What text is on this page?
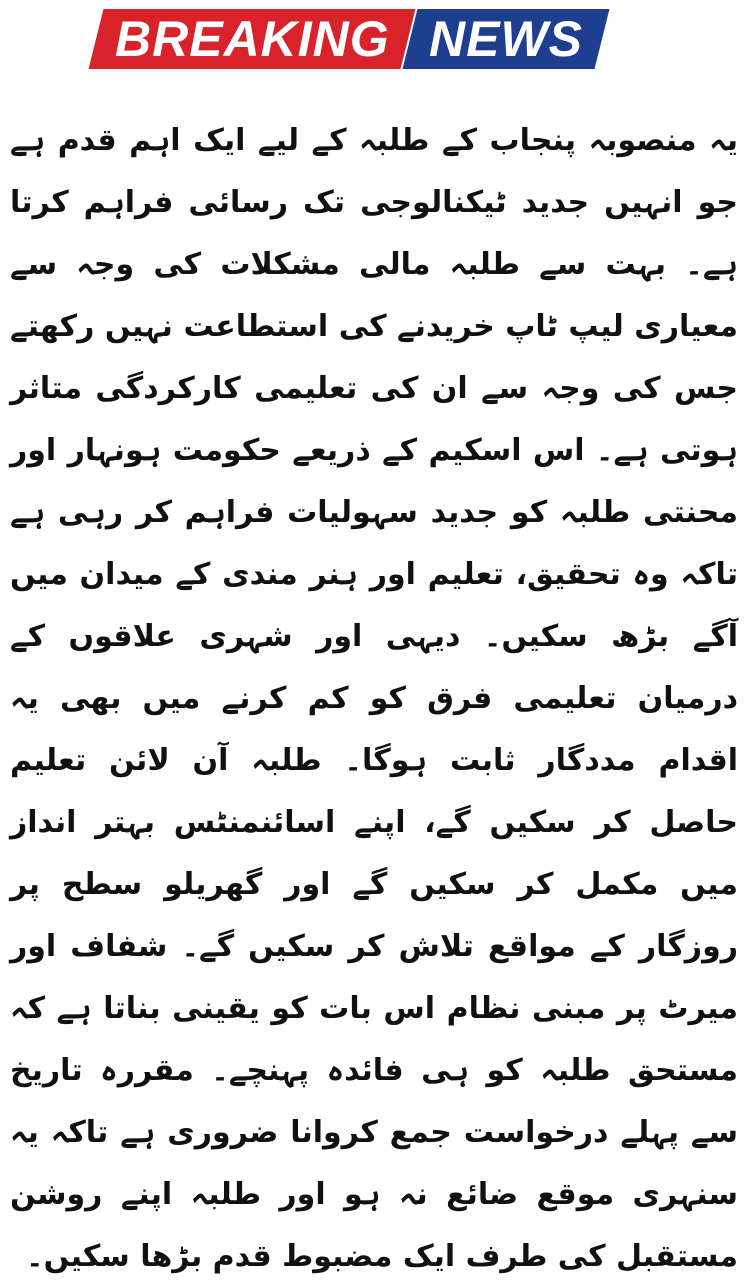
BREAKING NEWS

یہ منصوبہ پنجاب کے طلبہ کے لیے ایک اہم قدم ہے جو انہیں جدید ٹیکنالوجی تک رسائی فراہم کرتا ہے۔ بہت سے طلبہ مالی مشکلات کی وجہ سے معیاری لیپ ٹاپ خریدنے کی استطاعت نہیں رکھتے جس کی وجہ سے ان کی تعلیمی کارکردگی متاثر ہوتی ہے۔ اس اسکیم کے ذریعے حکومت ہونہار اور محنتی طلبہ کو جدید سہولیات فراہم کر رہی ہے تاکہ وہ تحقیق، تعلیم اور ہنر مندی کے میدان میں آگے بڑھ سکیں۔ دیہی اور شہری علاقوں کے درمیان تعلیمی فرق کو کم کرنے میں بھی یہ اقدام مددگار ثابت ہوگا۔ طلبہ آن لائن تعلیم حاصل کر سکیں گے، اپنے اسائنمنٹس بہتر انداز میں مکمل کر سکیں گے اور گھریلو سطح پر روزگار کے مواقع تلاش کر سکیں گے۔ شفاف اور میرٹ پر مبنی نظام اس بات کو یقینی بناتا ہے کہ مستحق طلبہ کو ہی فائدہ پہنچے۔ مقررہ تاریخ سے پہلے درخواست جمع کروانا ضروری ہے تاکہ یہ سنہری موقع ضائع نہ ہو اور طلبہ اپنے روشن مستقبل کی طرف ایک مضبوط قدم بڑھا سکیں۔
